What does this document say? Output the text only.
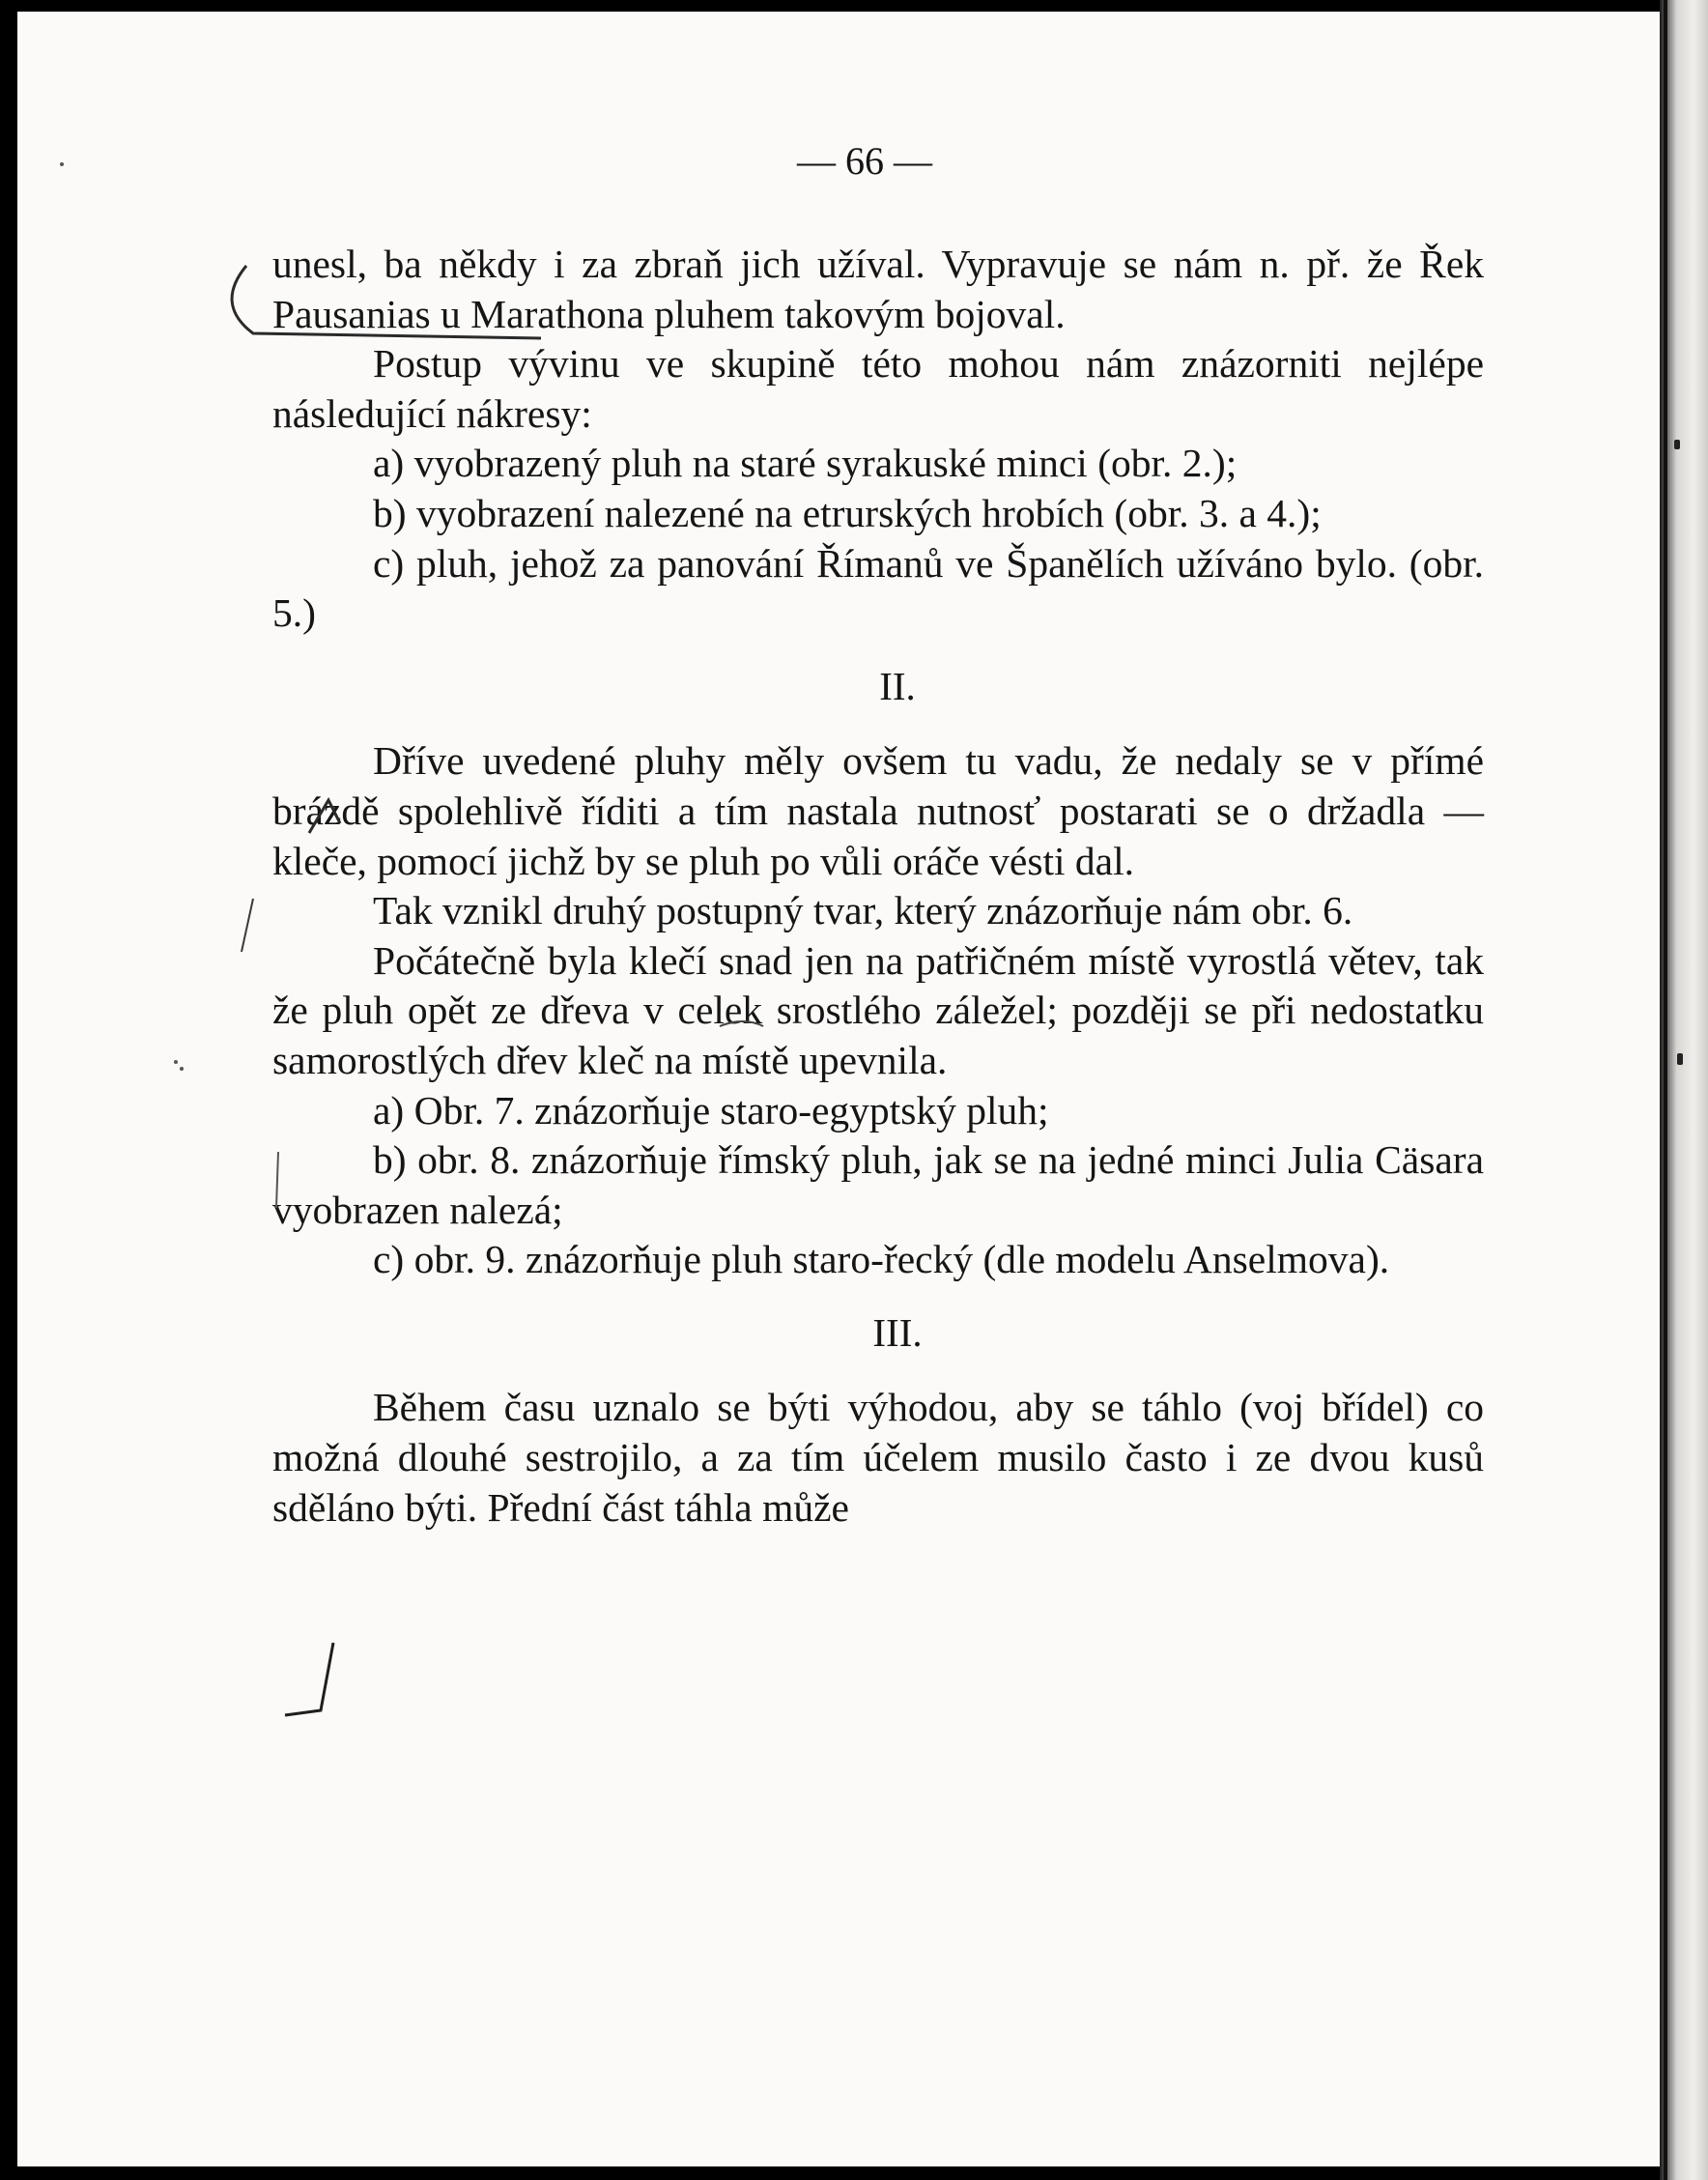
— 66 —

unesl, ba někdy i za zbraň jich užíval. Vypravuje se nám n. př. že Řek Pausanias u Marathona pluhem takovým bojoval.

Postup vývinu ve skupině této mohou nám znázorniti nejlépe následující nákresy:

a) vyobrazený pluh na staré syrakuské minci (obr. 2.);

b) vyobrazení nalezené na etrurských hrobích (obr. 3. a 4.);

c) pluh, jehož za panování Římanů ve Španělích užíváno bylo. (obr. 5.)

II.

Dříve uvedené pluhy měly ovšem tu vadu, že nedaly se v přímé brázdě spolehlivě říditi a tím nastala nutnosť postarati se o držadla — kleče, pomocí jichž by se pluh po vůli oráče vésti dal.

Tak vznikl druhý postupný tvar, který znázorňuje nám obr. 6.

Počátečně byla klečí snad jen na patřičném místě vyrostlá větev, tak že pluh opět ze dřeva v celek srostlého záležel; později se při nedostatku samorostlých dřev kleč na místě upevnila.

a) Obr. 7. znázorňuje staro-egyptský pluh;

b) obr. 8. znázorňuje římský pluh, jak se na jedné minci Julia Cäsara vyobrazen nalezá;

c) obr. 9. znázorňuje pluh staro-řecký (dle modelu Anselmova).

III.

Během času uznalo se býti výhodou, aby se táhlo (voj břídel) co možná dlouhé sestrojilo, a za tím účelem musilo často i ze dvou kusů sděláno býti. Přední část táhla může
